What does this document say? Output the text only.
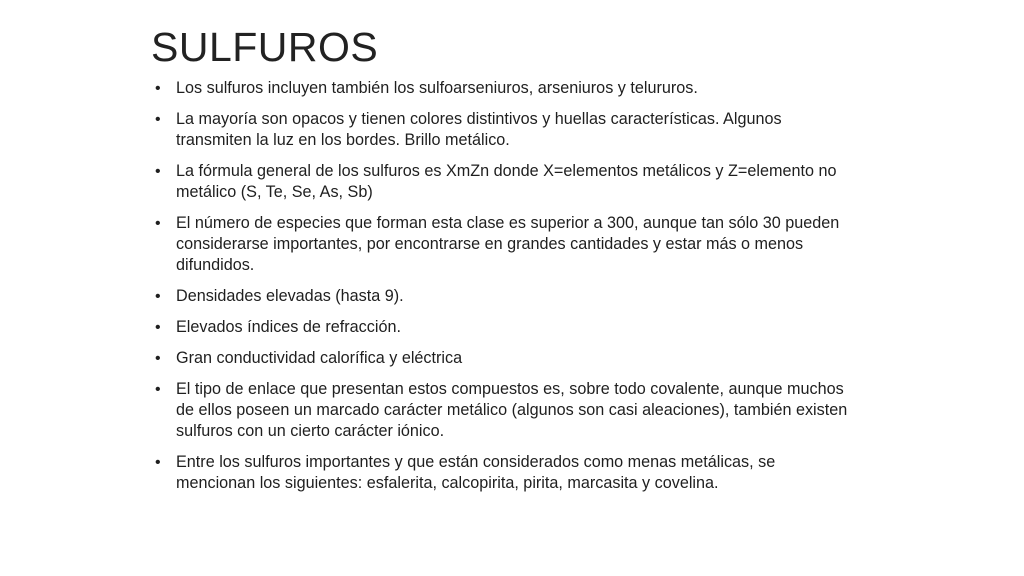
SULFUROS
• Los sulfuros incluyen también los sulfoarseniuros, arseniuros y telururos.
• La mayoría son opacos y tienen colores distintivos y huellas características. Algunos transmiten la luz en los bordes. Brillo metálico.
• La fórmula general de los sulfuros es XmZn donde X=elementos metálicos y Z=elemento no metálico (S, Te, Se, As, Sb)
• El número de especies que forman esta clase es superior a 300, aunque tan sólo 30 pueden considerarse importantes, por encontrarse en grandes cantidades y estar más o menos difundidos.
• Densidades elevadas (hasta 9).
• Elevados índices de refracción.
• Gran conductividad calorífica y eléctrica
• El tipo de enlace que presentan estos compuestos es, sobre todo covalente, aunque muchos de ellos poseen un marcado carácter metálico (algunos son casi aleaciones), también existen sulfuros con un cierto carácter iónico.
• Entre los sulfuros importantes y que están considerados como menas metálicas, se mencionan los siguientes: esfalerita, calcopirita, pirita, marcasita y covelina.
